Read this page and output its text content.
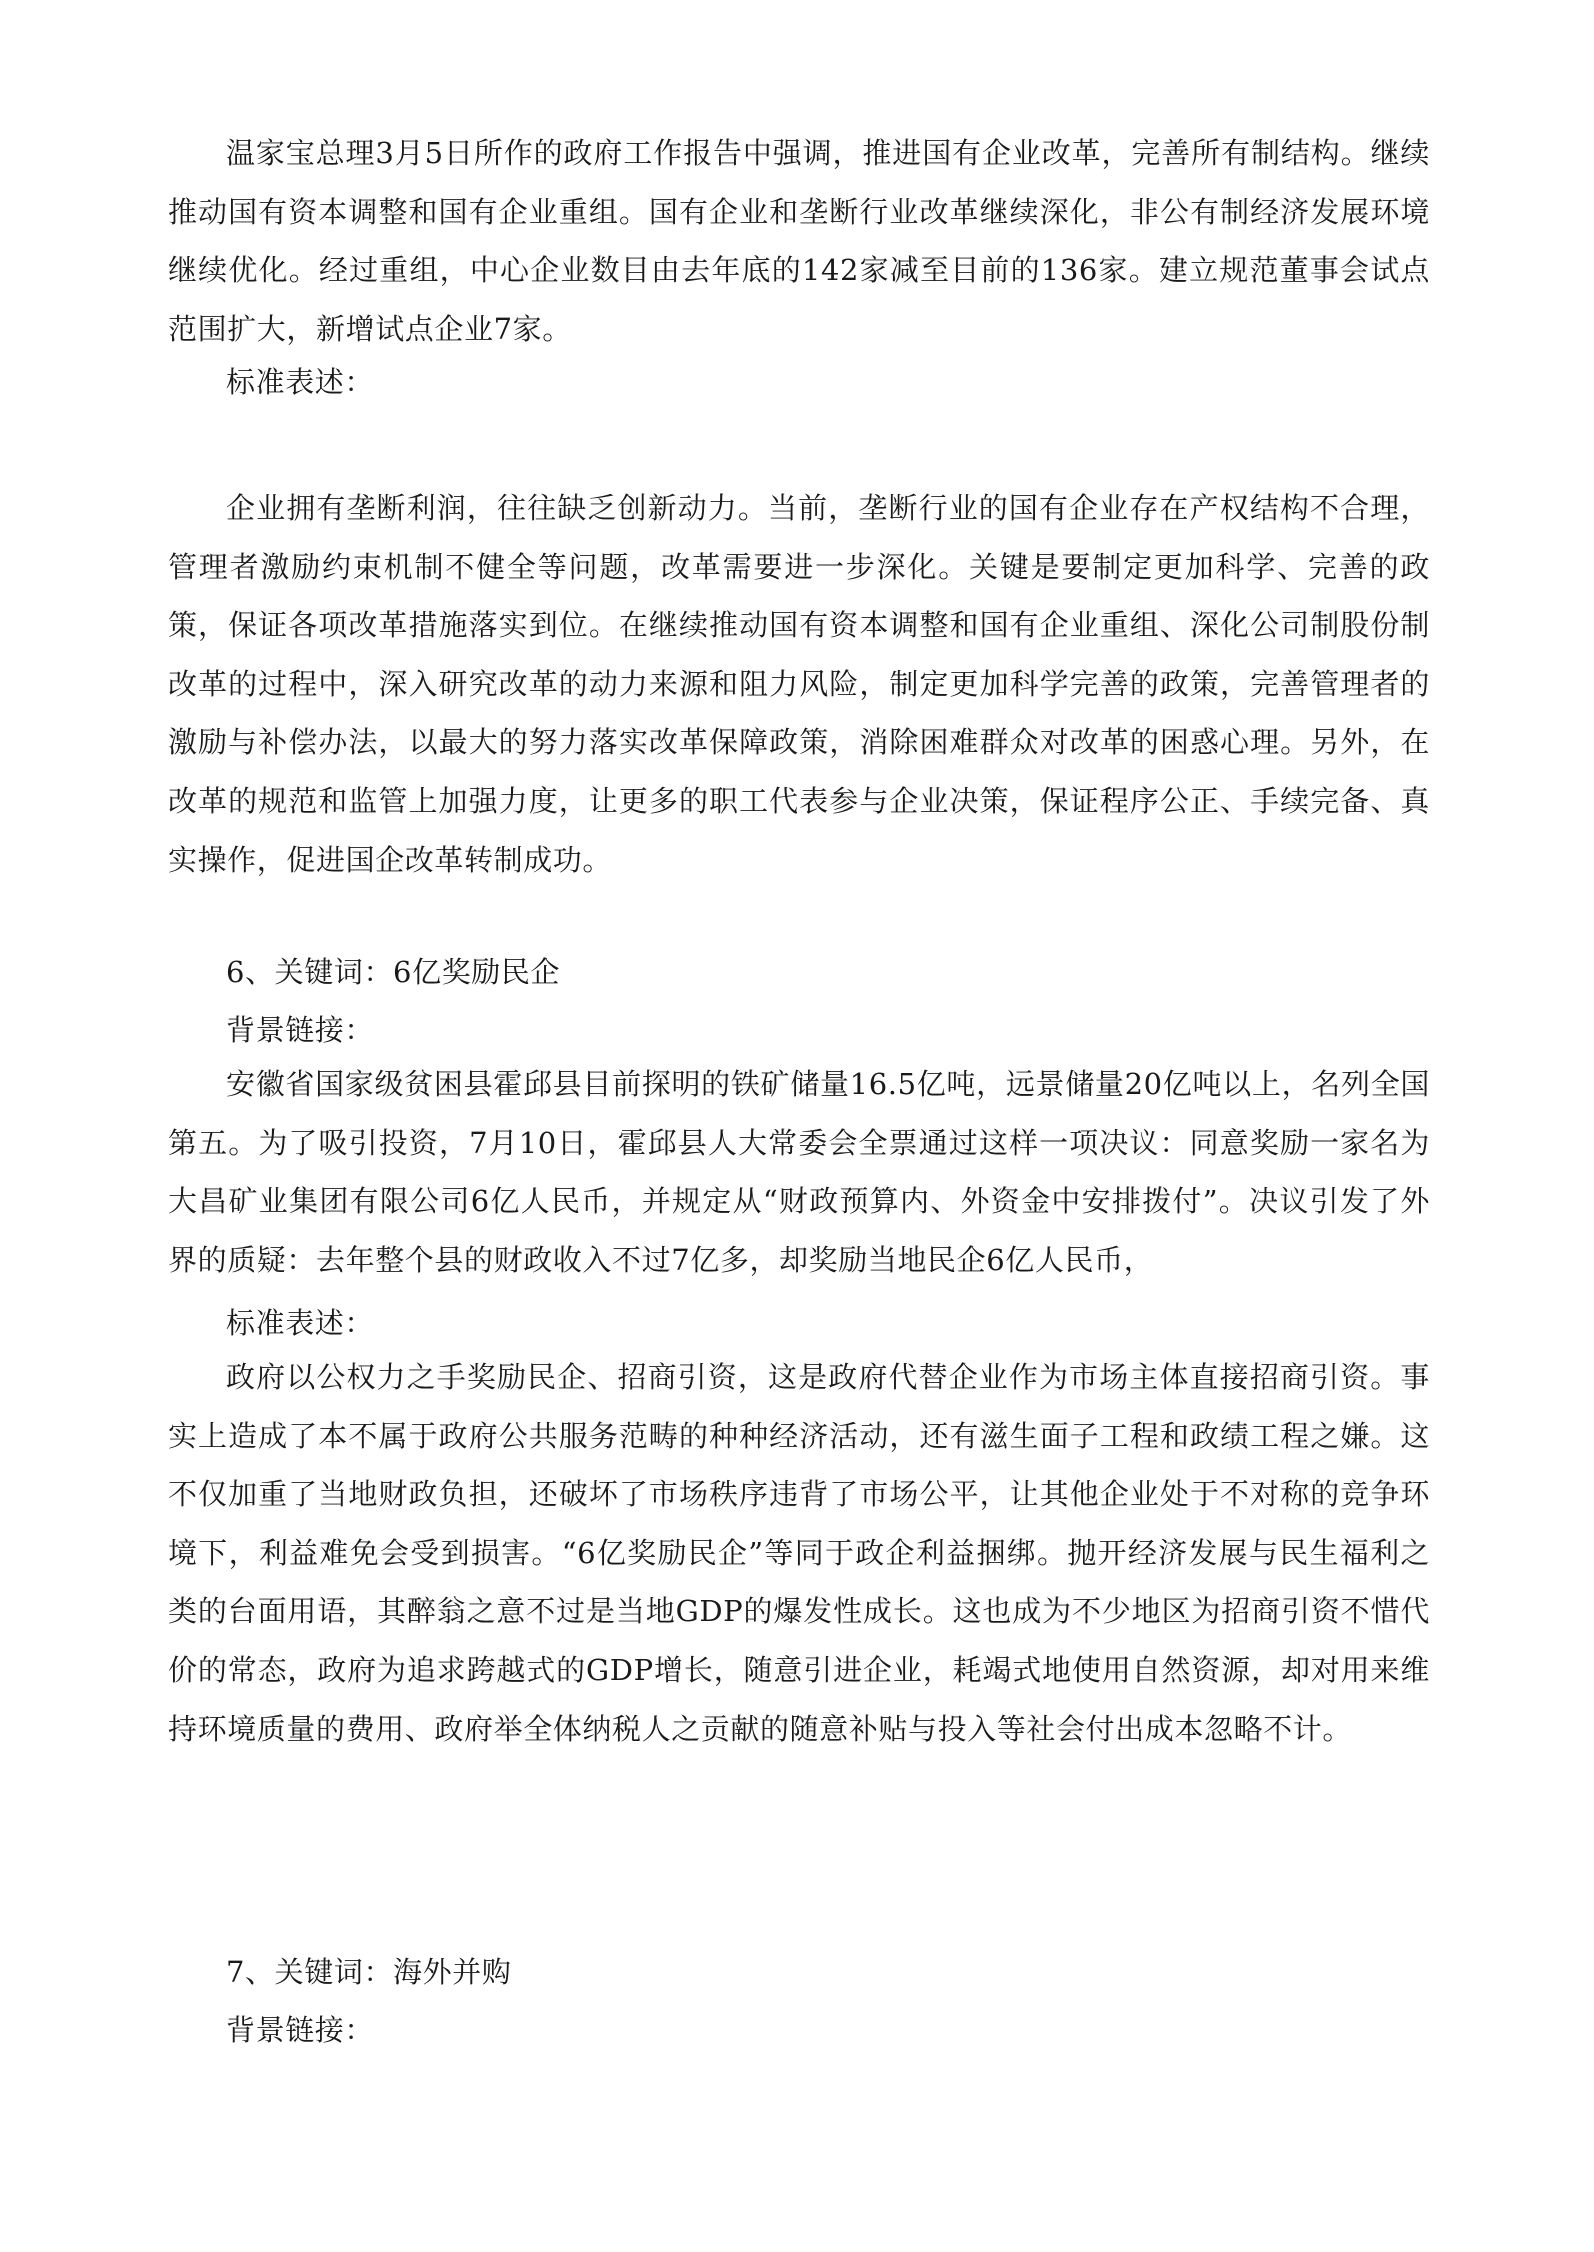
温家宝总理3月5日所作的政府工作报告中强调，推进国有企业改革，完善所有制结构。继续推动国有资本调整和国有企业重组。国有企业和垄断行业改革继续深化，非公有制经济发展环境继续优化。经过重组，中心企业数目由去年底的142家减至目前的136家。建立规范董事会试点范围扩大，新增试点企业7家。

标准表述：

企业拥有垄断利润，往往缺乏创新动力。当前，垄断行业的国有企业存在产权结构不合理，管理者激励约束机制不健全等问题，改革需要进一步深化。关键是要制定更加科学、完善的政策，保证各项改革措施落实到位。在继续推动国有资本调整和国有企业重组、深化公司制股份制改革的过程中，深入研究改革的动力来源和阻力风险，制定更加科学完善的政策，完善管理者的激励与补偿办法，以最大的努力落实改革保障政策，消除困难群众对改革的困惑心理。另外，在改革的规范和监管上加强力度，让更多的职工代表参与企业决策，保证程序公正、手续完备、真实操作，促进国企改革转制成功。

6、关键词：6亿奖励民企
背景链接：

安徽省国家级贫困县霍邱县目前探明的铁矿储量16.5亿吨，远景储量20亿吨以上，名列全国第五。为了吸引投资，7月10日，霍邱县人大常委会全票通过这样一项决议：同意奖励一家名为大昌矿业集团有限公司6亿人民币，并规定从“财政预算内、外资金中安排拨付”。决议引发了外界的质疑：去年整个县的财政收入不过7亿多，却奖励当地民企6亿人民币，

标准表述：

政府以公权力之手奖励民企、招商引资，这是政府代替企业作为市场主体直接招商引资。事实上造成了本不属于政府公共服务范畴的种种经济活动，还有滋生面子工程和政绩工程之嫌。这不仅加重了当地财政负担，还破坏了市场秩序违背了市场公平，让其他企业处于不对称的竞争环境下，利益难免会受到损害。“6亿奖励民企”等同于政企利益捆绑。抛开经济发展与民生福利之类的台面用语，其醉翁之意不过是当地GDP的爆发性成长。这也成为不少地区为招商引资不惜代价的常态，政府为追求跨越式的GDP增长，随意引进企业，耗竭式地使用自然资源，却对用来维持环境质量的费用、政府举全体纳税人之贡献的随意补贴与投入等社会付出成本忽略不计。

7、关键词：海外并购
背景链接：
